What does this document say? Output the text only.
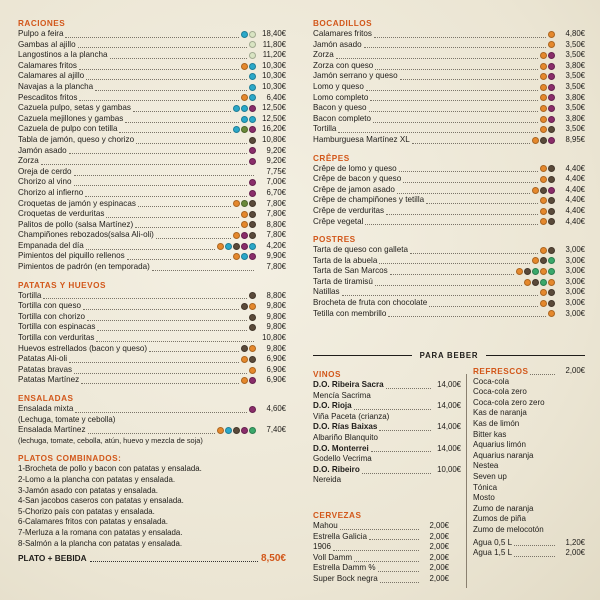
RACIONES
Pulpo a feira	18,40€
Gambas al ajillo	11,80€
Langostinos a la plancha	11,20€
Calamares fritos	10,30€
Calamares al ajillo	10,30€
Navajas a la plancha	10,30€
Pescaditos fritos	6,40€
Cazuela pulpo, setas y gambas	12,50€
Cazuela mejillones y gambas	12,50€
Cazuela de pulpo con tetilla	16,20€
Tabla de jamón, queso y chorizo	10,80€
Jamón asado	9,20€
Zorza	9,20€
Oreja de cerdo	7,75€
Chorizo al vino	7,00€
Chorizo al infierno	6,70€
Croquetas de jamón y espinacas	7,80€
Croquetas de verduritas	7,80€
Palitos de pollo (salsa Martínez)	8,80€
Champiñones rebozados(salsa Ali-oli)	7,80€
Empanada del día	4,20€
Pimientos del piquillo rellenos	9,90€
Pimientos de padrón (en temporada)	7,80€
PATATAS Y HUEVOS
Tortilla	8,80€
Tortilla con queso	9,80€
Tortilla con chorizo	9,80€
Tortilla con espinacas	9,80€
Tortilla con verduritas	10,80€
Huevos estrellados (bacon y queso)	9,80€
Patatas Ali-oli	6,90€
Patatas bravas	6,90€
Patatas Martínez	6,90€
ENSALADAS
Ensalada mixta	4,60€
(Lechuga, tomate y cebolla)
Ensalada Martínez	7,40€
(lechuga, tomate, cebolla, atún, huevo y mezcla de soja)
PLATOS COMBINADOS:
1-Brocheta de pollo y bacon con patatas y ensalada.
2-Lomo a la plancha con patatas y ensalada.
3-Jamón asado con patatas y ensalada.
4-San jacobos caseros con patatas y ensalada.
5-Chorizo país con patatas y ensalada.
6-Calamares fritos con patatas y ensalada.
7-Merluza a la romana con patatas y ensalada.
8-Salmón a la plancha con patatas y ensalada.
PLATO + BEBIDA	8,50€
BOCADILLOS
Calamares fritos	4,80€
Jamón asado	3,50€
Zorza	3,50€
Zorza con queso	3,80€
Jamón serrano y queso	3,50€
Lomo y queso	3,50€
Lomo completo	3,80€
Bacon y queso	3,50€
Bacon completo	3,80€
Tortilla	3,50€
Hamburguesa Martínez XL	8,95€
CRÊPES
Crêpe de lomo y queso	4,40€
Crêpe de bacon y queso	4,40€
Crêpe de jamon asado	4,40€
Crêpe de champiñones y tetilla	4,40€
Crêpe de verduritas	4,40€
Crêpe vegetal	4,40€
POSTRES
Tarta de queso con galleta	3,00€
Tarta de la abuela	3,00€
Tarta de San Marcos	3,00€
Tarta de tiramisú	3,00€
Natillas	3,00€
Brocheta de fruta con chocolate	3,00€
Tetilla con membrillo	3,00€
PARA BEBER
VINOS
D.O. Ribeira Sacra	14,00€
Mencía Sacrima
D.O. Rioja	14,00€
Viña Paceta (crianza)
D.O. Rías Baixas	14,00€
Albariño Blanquito
D.O. Monterrei	14,00€
Godello Vecrima
D.O. Ribeiro	10,00€
Nereida
REFRESCOS	2,00€
Coca-cola
Coca-cola zero
Coca-cola zero zero
Kas de naranja
Kas de limón
Bitter kas
Aquarius limón
Aquarius naranja
Nestea
Seven up
Tónica
Mosto
Zumo de naranja
Zumos de piña
Zumo de melocotón
Agua 0,5 L	1,20€
Agua 1,5 L	2,00€
CERVEZAS
Mahou	2,00€
Estrella Galicia	2,00€
1906	2,00€
Voll Damm	2,00€
Estrella Damm %	2,00€
Super Bock negra	2,00€
